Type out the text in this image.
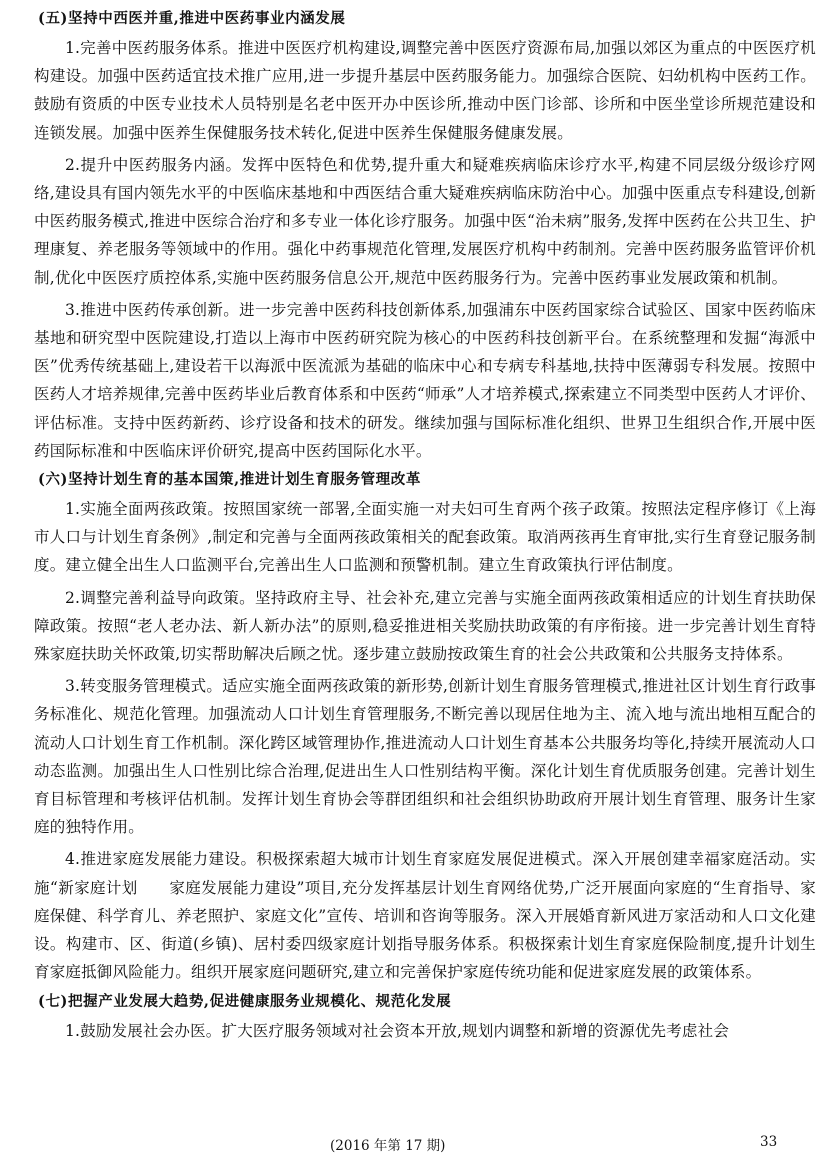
(五)坚持中西医并重,推进中医药事业内涵发展

1.完善中医药服务体系。推进中医医疗机构建设,调整完善中医医疗资源布局,加强以郊区为重点的中医医疗机构建设。加强中医药适宜技术推广应用,进一步提升基层中医药服务能力。加强综合医院、妇幼机构中医药工作。鼓励有资质的中医专业技术人员特别是名老中医开办中医诊所,推动中医门诊部、诊所和中医坐堂诊所规范建设和连锁发展。加强中医养生保健服务技术转化,促进中医养生保健服务健康发展。

2.提升中医药服务内涵。发挥中医特色和优势,提升重大和疑难疾病临床诊疗水平,构建不同层级分级诊疗网络,建设具有国内领先水平的中医临床基地和中西医结合重大疑难疾病临床防治中心。加强中医重点专科建设,创新中医药服务模式,推进中医综合治疗和多专业一体化诊疗服务。加强中医“治未病”服务,发挥中医药在公共卫生、护理康复、养老服务等领域中的作用。强化中药事规范化管理,发展医疗机构中药制剂。完善中医药服务监管评价机制,优化中医医疗质控体系,实施中医药服务信息公开,规范中医药服务行为。完善中医药事业发展政策和机制。

3.推进中医药传承创新。进一步完善中医药科技创新体系,加强浦东中医药国家综合试验区、国家中医药临床基地和研究型中医院建设,打造以上海市中医药研究院为核心的中医药科技创新平台。在系统整理和发掘“海派中医”优秀传统基础上,建设若干以海派中医流派为基础的临床中心和专病专科基地,扶持中医薄弱专科发展。按照中医药人才培养规律,完善中医药毕业后教育体系和中医药“师承”人才培养模式,探索建立不同类型中医药人才评价、评估标准。支持中医药新药、诊疗设备和技术的研发。继续加强与国际标准化组织、世界卫生组织合作,开展中医药国际标准和中医临床评价研究,提高中医药国际化水平。

(六)坚持计划生育的基本国策,推进计划生育服务管理改革

1.实施全面两孩政策。按照国家统一部署,全面实施一对夫妇可生育两个孩子政策。按照法定程序修订《上海市人口与计划生育条例》,制定和完善与全面两孩政策相关的配套政策。取消两孩再生育审批,实行生育登记服务制度。建立健全出生人口监测平台,完善出生人口监测和预警机制。建立生育政策执行评估制度。

2.调整完善利益导向政策。坚持政府主导、社会补充,建立完善与实施全面两孩政策相适应的计划生育扶助保障政策。按照“老人老办法、新人新办法”的原则,稳妥推进相关奖励扶助政策的有序衔接。进一步完善计划生育特殊家庭扶助关怀政策,切实帮助解决后顾之忧。逐步建立鼓励按政策生育的社会公共政策和公共服务支持体系。

3.转变服务管理模式。适应实施全面两孩政策的新形势,创新计划生育服务管理模式,推进社区计划生育行政事务标准化、规范化管理。加强流动人口计划生育管理服务,不断完善以现居住地为主、流入地与流出地相互配合的流动人口计划生育工作机制。深化跨区域管理协作,推进流动人口计划生育基本公共服务均等化,持续开展流动人口动态监测。加强出生人口性别比综合治理,促进出生人口性别结构平衡。深化计划生育优质服务创建。完善计划生育目标管理和考核评估机制。发挥计划生育协会等群团组织和社会组织协助政府开展计划生育管理、服务计生家庭的独特作用。

4.推进家庭发展能力建设。积极探索超大城市计划生育家庭发展促进模式。深入开展创建幸福家庭活动。实施“新家庭计划　　家庭发展能力建设”项目,充分发挥基层计划生育网络优势,广泛开展面向家庭的“生育指导、家庭保健、科学育儿、养老照护、家庭文化”宣传、培训和咨询等服务。深入开展婚育新风进万家活动和人口文化建设。构建市、区、街道(乡镇)、居村委四级家庭计划指导服务体系。积极探索计划生育家庭保险制度,提升计划生育家庭抵御风险能力。组织开展家庭问题研究,建立和完善保护家庭传统功能和促进家庭发展的政策体系。

(七)把握产业发展大趋势,促进健康服务业规模化、规范化发展

1.鼓励发展社会办医。扩大医疗服务领域对社会资本开放,规划内调整和新增的资源优先考虑社会

(2016 年第 17 期)	33
